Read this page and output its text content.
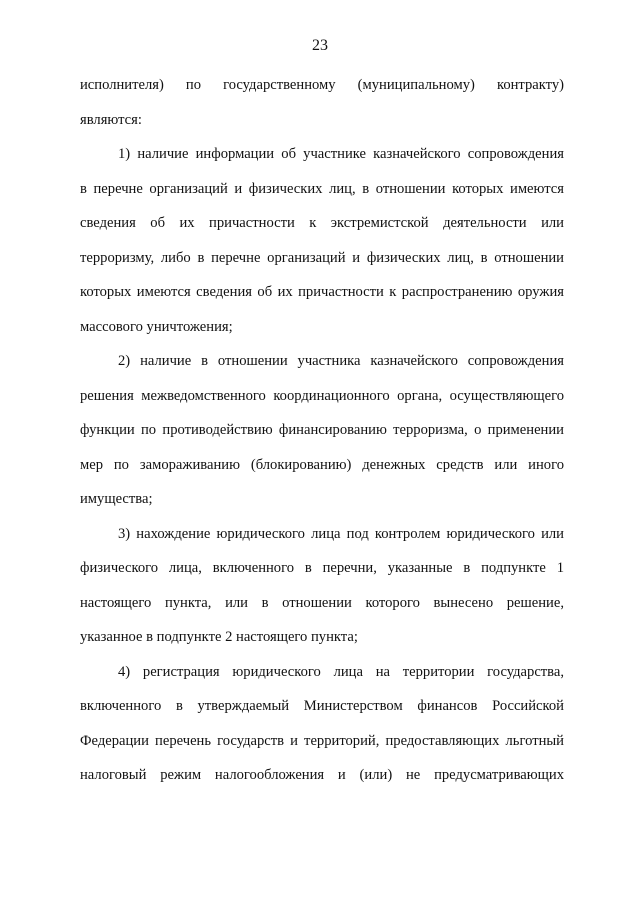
23
исполнителя) по государственному (муниципальному) контракту)
являются:
1) наличие информации об участнике казначейского сопровождения
в перечне организаций и физических лиц, в отношении которых имеются
сведения об их причастности к экстремистской деятельности или
терроризму, либо в перечне организаций и физических лиц, в отношении
которых имеются сведения об их причастности к распространению оружия
массового уничтожения;
2) наличие в отношении участника казначейского сопровождения
решения межведомственного координационного органа, осуществляющего
функции по противодействию финансированию терроризма, о применении
мер по замораживанию (блокированию) денежных средств или иного
имущества;
3) нахождение юридического лица под контролем юридического или
физического лица, включенного в перечни, указанные в подпункте 1
настоящего пункта, или в отношении которого вынесено решение,
указанное в подпункте 2 настоящего пункта;
4) регистрация юридического лица на территории государства,
включенного в утверждаемый Министерством финансов Российской
Федерации перечень государств и территорий, предоставляющих льготный
налоговый режим налогообложения и (или) не предусматривающих
